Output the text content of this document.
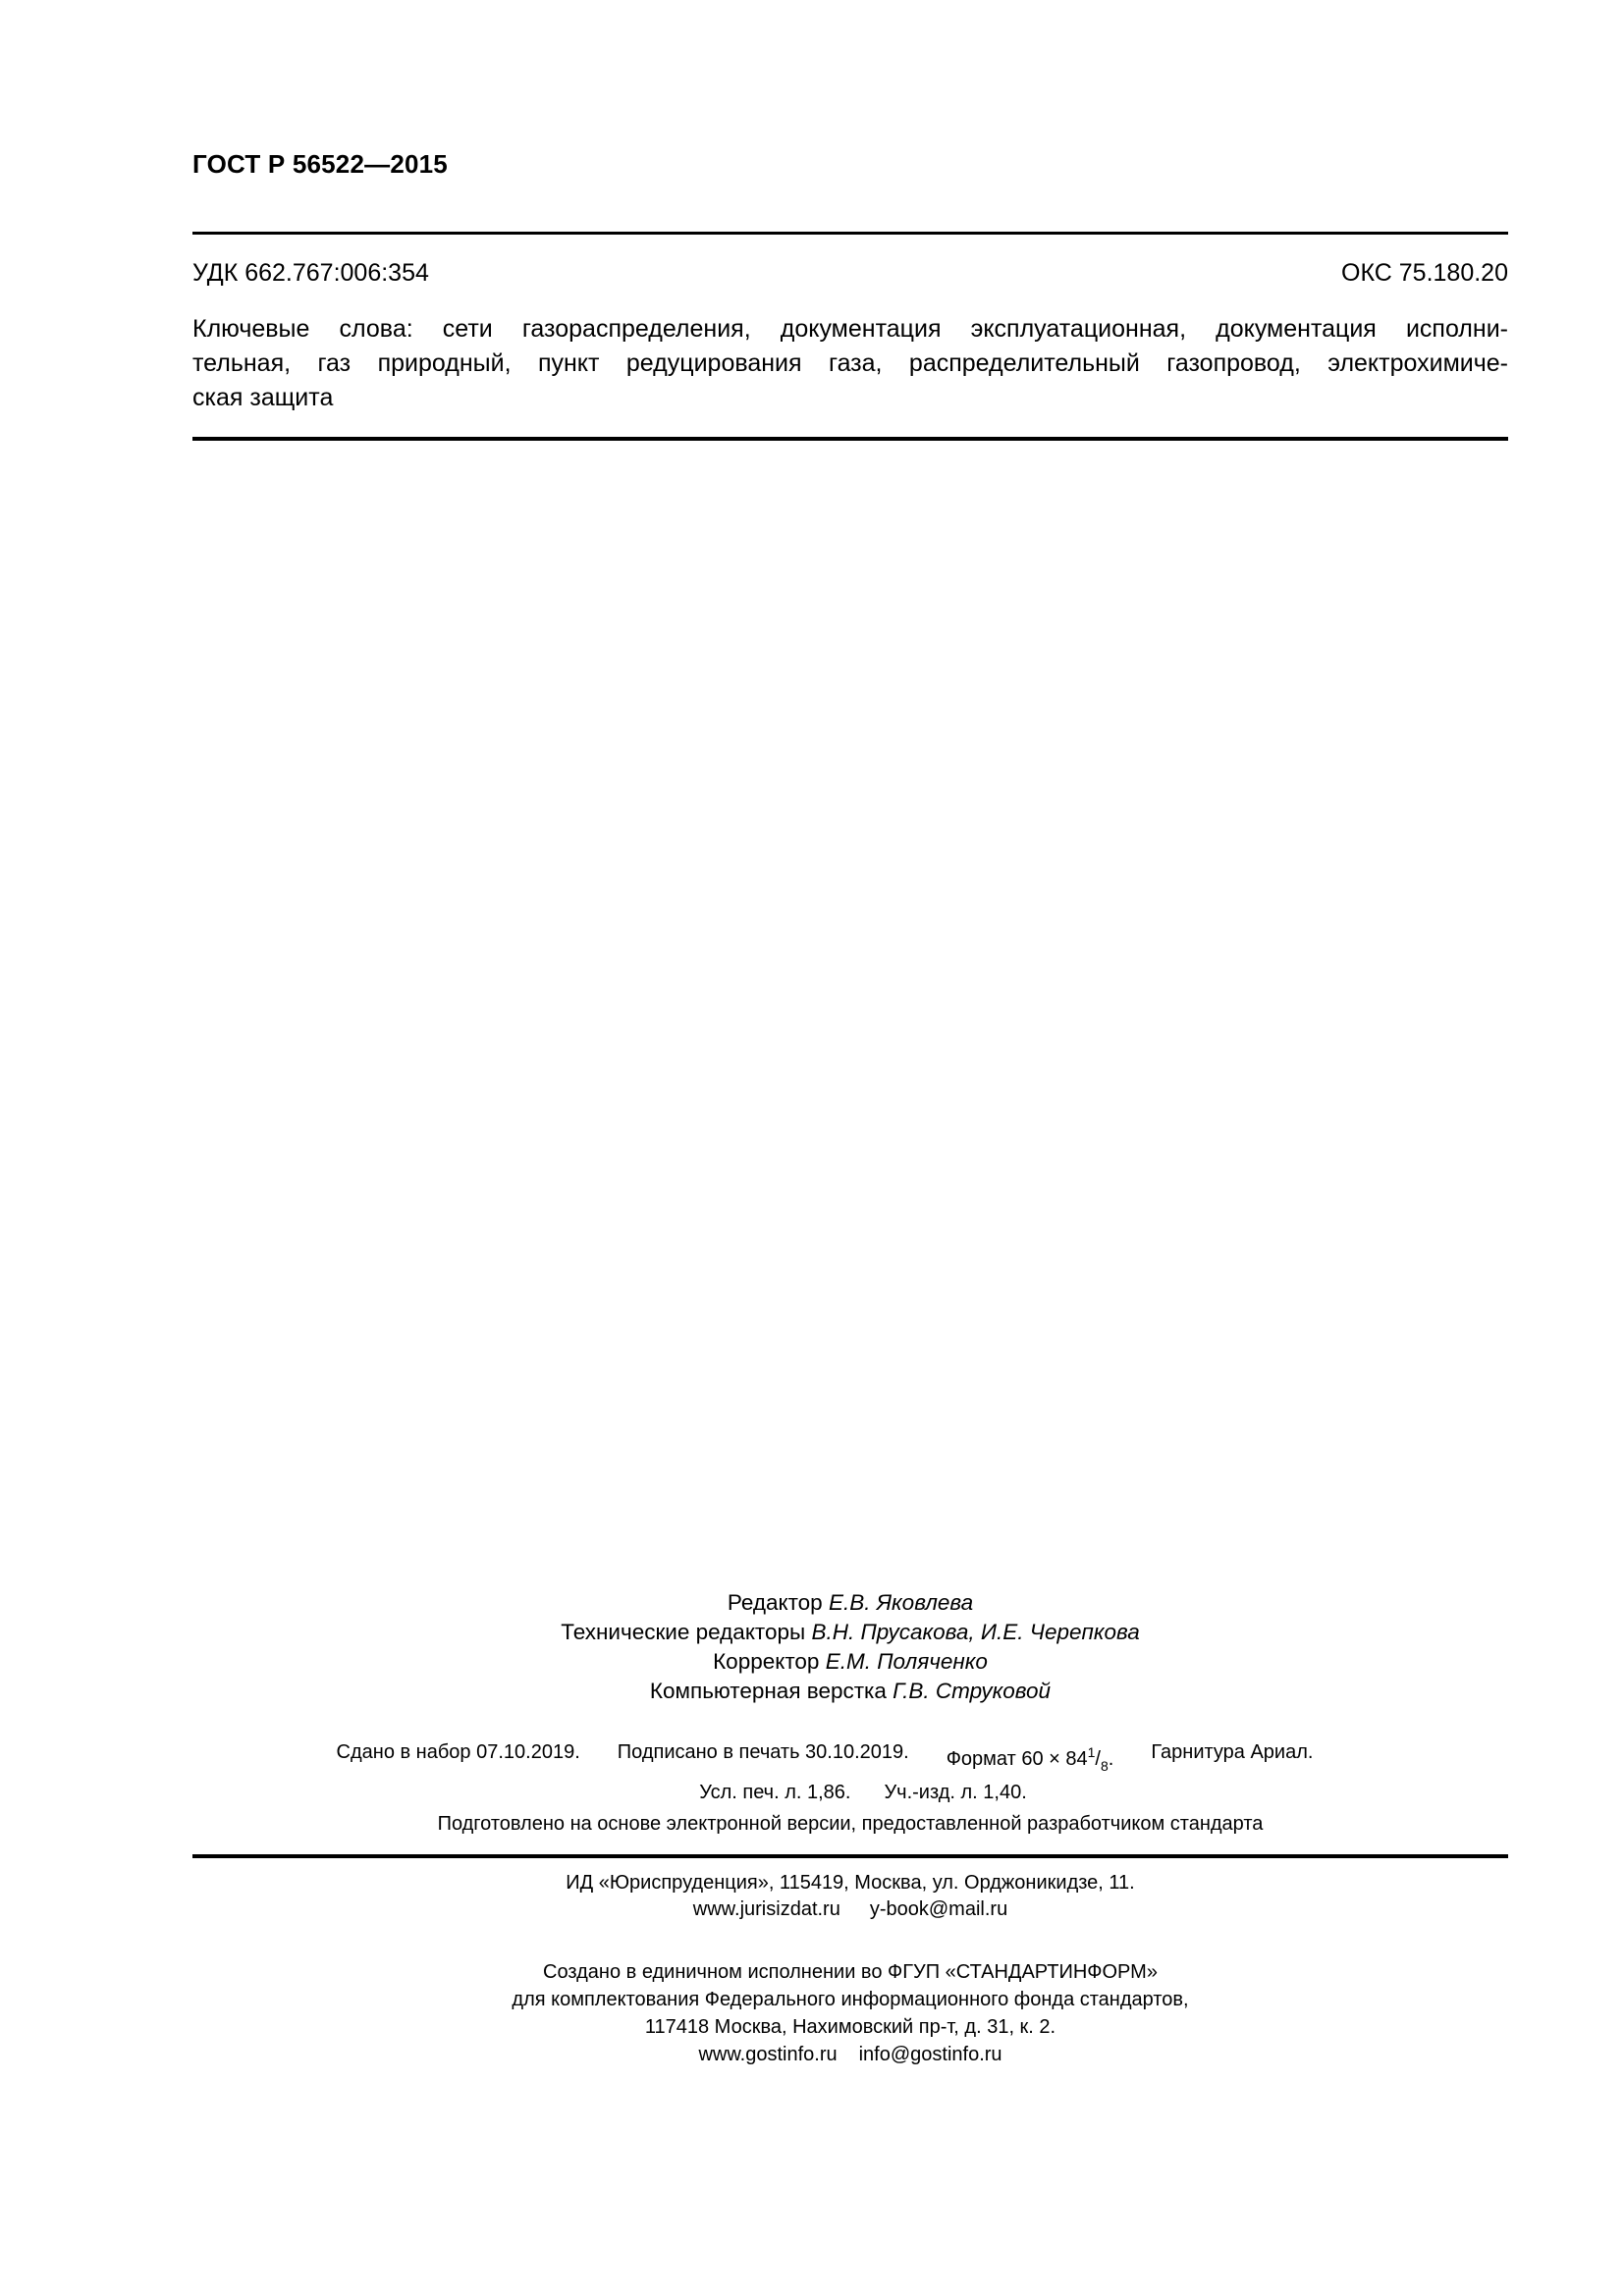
ГОСТ Р 56522—2015
УДК 662.767:006:354	ОКС 75.180.20
Ключевые слова: сети газораспределения, документация эксплуатационная, документация исполни-
тельная, газ природный, пункт редуцирования газа, распределительный газопровод, электрохимиче-
ская защита
Редактор Е.В. Яковлева
Технические редакторы В.Н. Прусакова, И.Е. Черепкова
Корректор Е.М. Поляченко
Компьютерная верстка Г.В. Струковой
Сдано в набор 07.10.2019. Подписано в печать 30.10.2019. Формат $60 \times 84^1/_8$. Гарнитура Ариал.
Усл. печ. л. 1,86. Уч.-изд. л. 1,40.
Подготовлено на основе электронной версии, предоставленной разработчиком стандарта
ИД «Юриспруденция», 115419, Москва, ул. Орджоникидзе, 11.
www.jurisizdat.ru y-book@mail.ru
Создано в единичном исполнении во ФГУП «СТАНДАРТИНФОРМ»
для комплектования Федерального информационного фонда стандартов,
117418 Москва, Нахимовский пр-т, д. 31, к. 2.
www.gostinfo.ru info@gostinfo.ru
